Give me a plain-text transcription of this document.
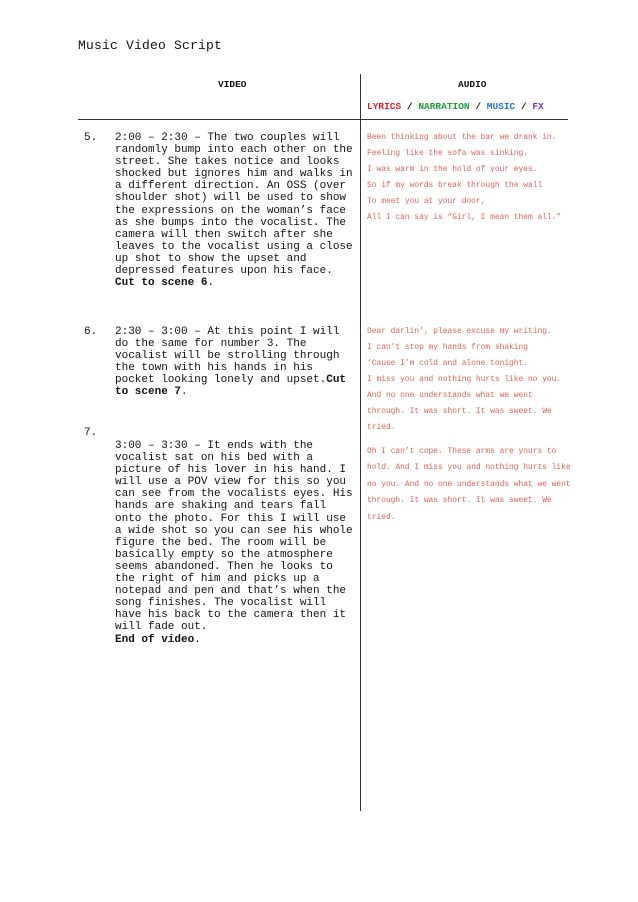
Music Video Script
VIDEO	AUDIO
LYRICS / NARRATION / MUSIC / FX
5. 2:00 – 2:30 – The two couples will randomly bump into each other on the street. She takes notice and looks shocked but ignores him and walks in a different direction. An OSS (over shoulder shot) will be used to show the expressions on the woman’s face as she bumps into the vocalist. The camera will then switch after she leaves to the vocalist using a close up shot to show the upset and depressed features upon his face.
Cut to scene 6.
6. 2:30 – 3:00 – At this point I will do the same for number 3. The vocalist will be strolling through the town with his hands in his pocket looking lonely and upset.Cut to scene 7.
7.
3:00 – 3:30 – It ends with the vocalist sat on his bed with a picture of his lover in his hand. I will use a POV view for this so you can see from the vocalists eyes. His hands are shaking and tears fall onto the photo. For this I will use a wide shot so you can see his whole figure the bed. The room will be basically empty so the atmosphere seems abandoned. Then he looks to the right of him and picks up a notepad and pen and that’s when the song finishes. The vocalist will have his back to the camera then it will fade out.
End of video.
Been thinking about the bar we drank in.
Feeling like the sofa was sinking.
I was warm in the hold of your eyes.
So if my words break through the wall
To meet you at your door,
All I can say is “Girl, I mean them all.”
Dear darlin’, please excuse my writing.
I can’t stop my hands from shaking
‘Cause I’m cold and alone tonight.
I miss you and nothing hurts like no you.
And no one understands what we went
through. It was short. It was sweet. We
tried.
Oh I can’t cope. These arms are yours to hold. And I miss you and nothing hurts like no you. And no one understands what we went through. It was short. It was sweet. We tried.
